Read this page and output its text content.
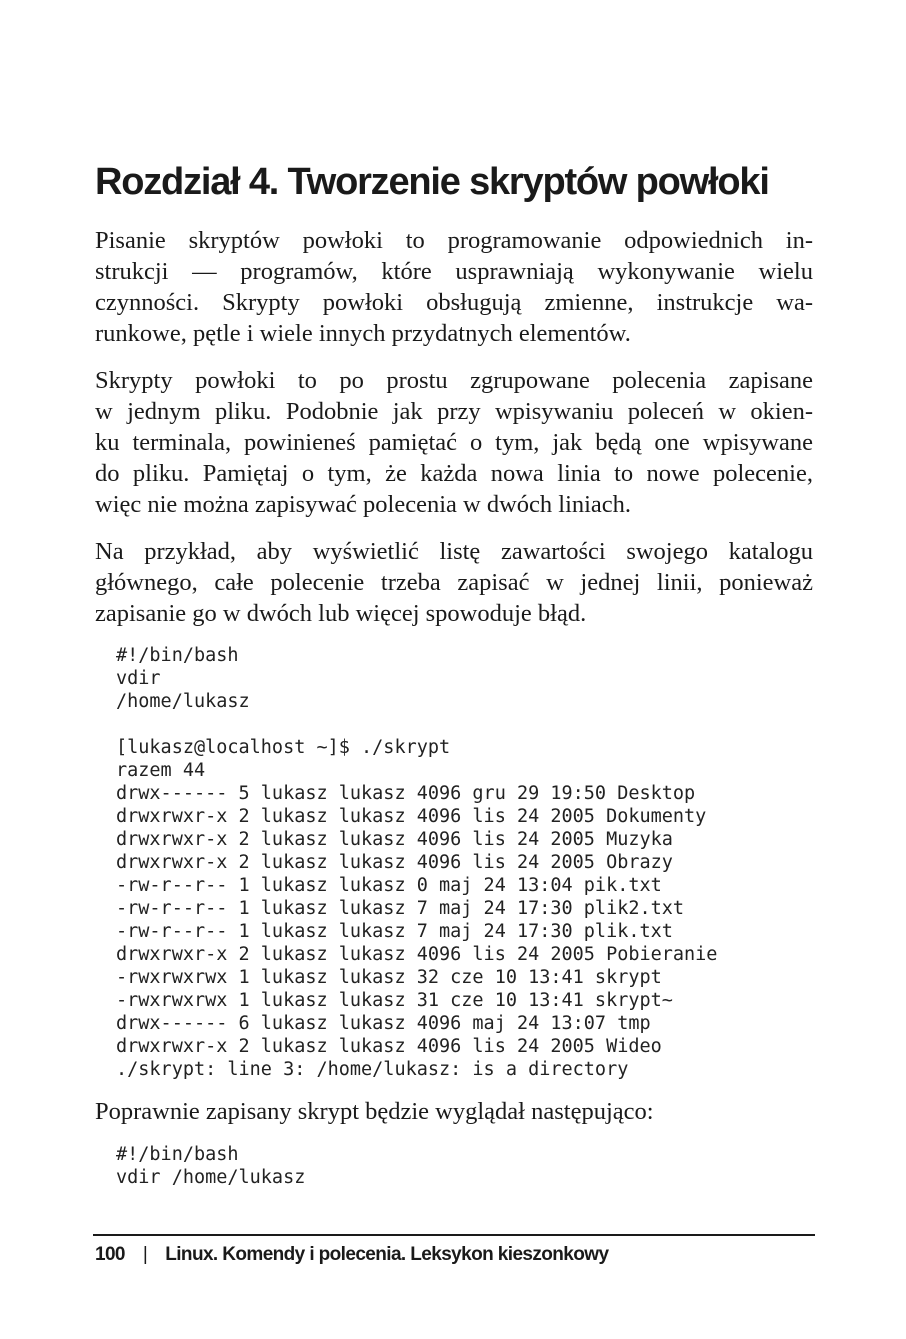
Rozdział 4. Tworzenie skryptów powłoki

Pisanie skryptów powłoki to programowanie odpowiednich in-
strukcji — programów, które usprawniają wykonywanie wielu
czynności. Skrypty powłoki obsługują zmienne, instrukcje wa-
runkowe, pętle i wiele innych przydatnych elementów.

Skrypty powłoki to po prostu zgrupowane polecenia zapisane
w jednym pliku. Podobnie jak przy wpisywaniu poleceń w okien-
ku terminala, powinieneś pamiętać o tym, jak będą one wpisywane
do pliku. Pamiętaj o tym, że każda nowa linia to nowe polecenie,
więc nie można zapisywać polecenia w dwóch liniach.

Na przykład, aby wyświetlić listę zawartości swojego katalogu
głównego, całe polecenie trzeba zapisać w jednej linii, ponieważ
zapisanie go w dwóch lub więcej spowoduje błąd.

#!/bin/bash
vdir
/home/lukasz
[lukasz@localhost ~]$ ./skrypt
razem 44
drwx------ 5 lukasz lukasz 4096 gru 29 19:50 Desktop
drwxrwxr-x 2 lukasz lukasz 4096 lis 24 2005 Dokumenty
drwxrwxr-x 2 lukasz lukasz 4096 lis 24 2005 Muzyka
drwxrwxr-x 2 lukasz lukasz 4096 lis 24 2005 Obrazy
-rw-r--r-- 1 lukasz lukasz 0 maj 24 13:04 pik.txt
-rw-r--r-- 1 lukasz lukasz 7 maj 24 17:30 plik2.txt
-rw-r--r-- 1 lukasz lukasz 7 maj 24 17:30 plik.txt
drwxrwxr-x 2 lukasz lukasz 4096 lis 24 2005 Pobieranie
-rwxrwxrwx 1 lukasz lukasz 32 cze 10 13:41 skrypt
-rwxrwxrwx 1 lukasz lukasz 31 cze 10 13:41 skrypt~
drwx------ 6 lukasz lukasz 4096 maj 24 13:07 tmp
drwxrwxr-x 2 lukasz lukasz 4096 lis 24 2005 Wideo
./skrypt: line 3: /home/lukasz: is a directory

Poprawnie zapisany skrypt będzie wyglądał następująco:

#!/bin/bash
vdir /home/lukasz
100 | Linux. Komendy i polecenia. Leksykon kieszonkowy
